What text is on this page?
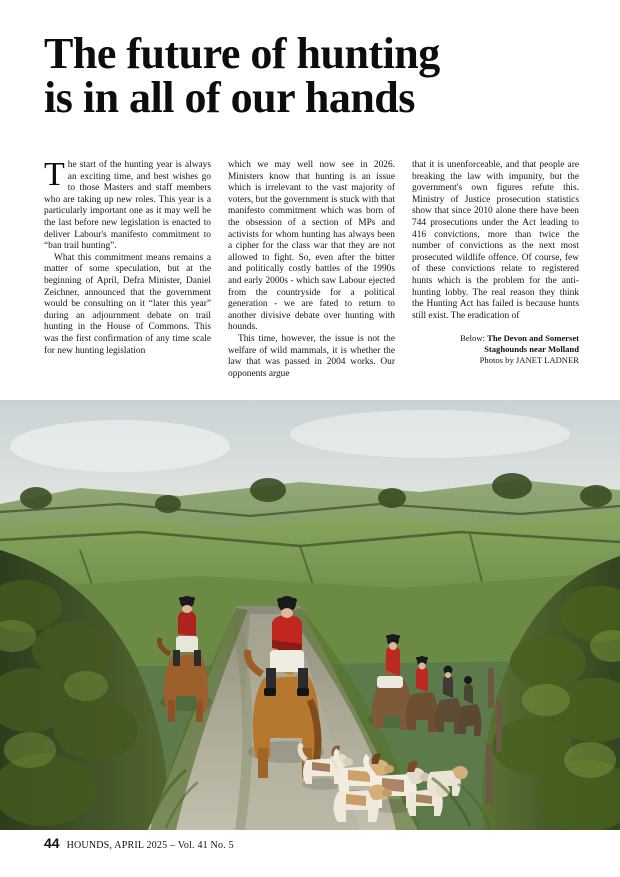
The future of hunting
is in all of our hands

The start of the hunting year is always an exciting time, and best wishes go to those Masters and staff members who are taking up new roles. This year is a particularly important one as it may well be the last before new legislation is enacted to deliver Labour's manifesto commitment to “ban trail hunting”.

What this commitment means remains a matter of some speculation, but at the beginning of April, Defra Minister, Daniel Zeichner, announced that the government would be consulting on it “later this year” during an adjournment debate on trail hunting in the House of Commons. This was the first confirmation of any time scale for new hunting legislation

which we may well now see in 2026. Ministers know that hunting is an issue which is irrelevant to the vast majority of voters, but the government is stuck with that manifesto commitment which was born of the obsession of a section of MPs and activists for whom hunting has always been a cipher for the class war that they are not allowed to fight. So, even after the bitter and politically costly battles of the 1990s and early 2000s - which saw Labour ejected from the countryside for a political generation - we are fated to return to another divisive debate over hunting with hounds.

This time, however, the issue is not the welfare of wild mammals, it is whether the law that was passed in 2004 works. Our opponents argue

that it is unenforceable, and that people are breaking the law with impunity, but the government's own figures refute this. Ministry of Justice prosecution statistics show that since 2010 alone there have been 744 prosecutions under the Act leading to 416 convictions, more than twice the number of convictions as the next most prosecuted wildlife offence. Of course, few of these convictions relate to registered hunts which is the problem for the anti-hunting lobby. The real reason they think the Hunting Act has failed is because hunts still exist. The eradication of

Below: The Devon and Somerset
Staghounds near Molland
Photos by JANET LADNER
44 HOUNDS, APRIL 2025 – Vol. 41 No. 5
